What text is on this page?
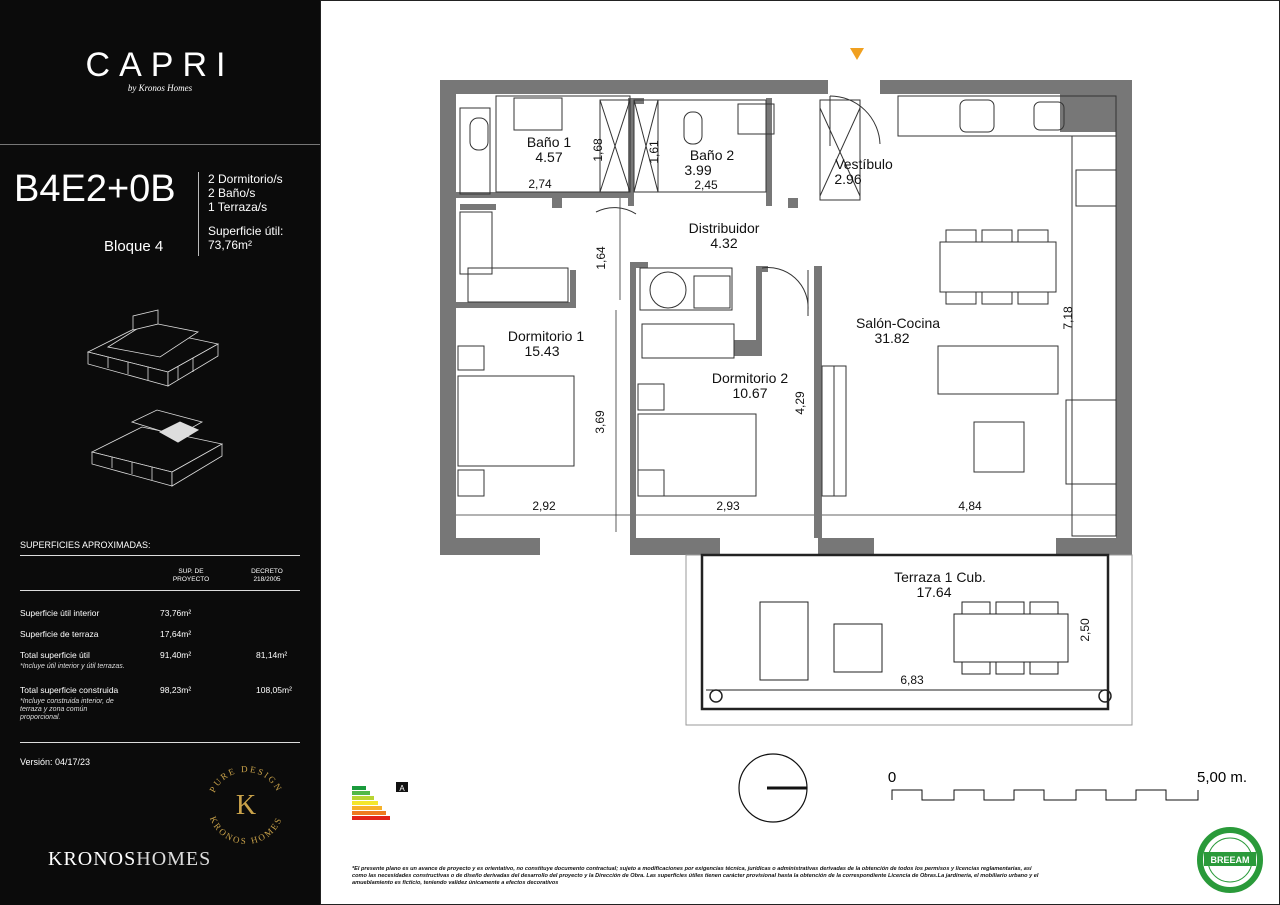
CAPRI
by Kronos Homes
B4E2+0B	2 Dormitorio/s
2 Baño/s
1 Terraza/s
Superficie útil:
73,76m²
Bloque 4
SUPERFICIES APROXIMADAS:
SUP. DE PROYECTO
DECRETO 218/2005
Superficie útil interior	73,76m²
Superficie de terraza	17,64m²
Total superficie útil	91,40m²	81,14m²
*Incluye útil interior y útil terrazas.
Total superficie construida	98,23m²	108,05m²
*Incluye construida interior, de terraza y zona común proporcional.
Versión: 04/17/23
PURE DESIGN
K
KRONOS HOMES
KRONOSHOMES
Baño 1
4.57	Baño 2
3.99	Vestíbulo
2.96
Distribuidor
4.32
Dormitorio 1
15.43
Dormitorio 2
10.67
Salón-Cocina
31.82
Terraza 1 Cub.
17.64
1,68	1,61
2,74	2,45
1,64
3,69
4,29
7,18
2,92	2,93	4,84
2,50
6,83
A
0	5,00 m.
BREEAM
*El presente plano es un avance de proyecto y es orientativo, no constituye documento contractual; sujeto a modificaciones por exigencias técnica, jurídicas o administrativas derivadas de la obtención de todos los permisos y licencias reglamentarias, así como las necesidades constructivas o de diseño derivadas del desarrollo del proyecto y la Dirección de Obra. Las superficies útiles tienen carácter provisional hasta la obtención de la correspondiente Licencia de Obras.La jardinería, el mobiliario urbano y el amueblamiento es ficticio, teniendo validez únicamente a efectos decorativos
